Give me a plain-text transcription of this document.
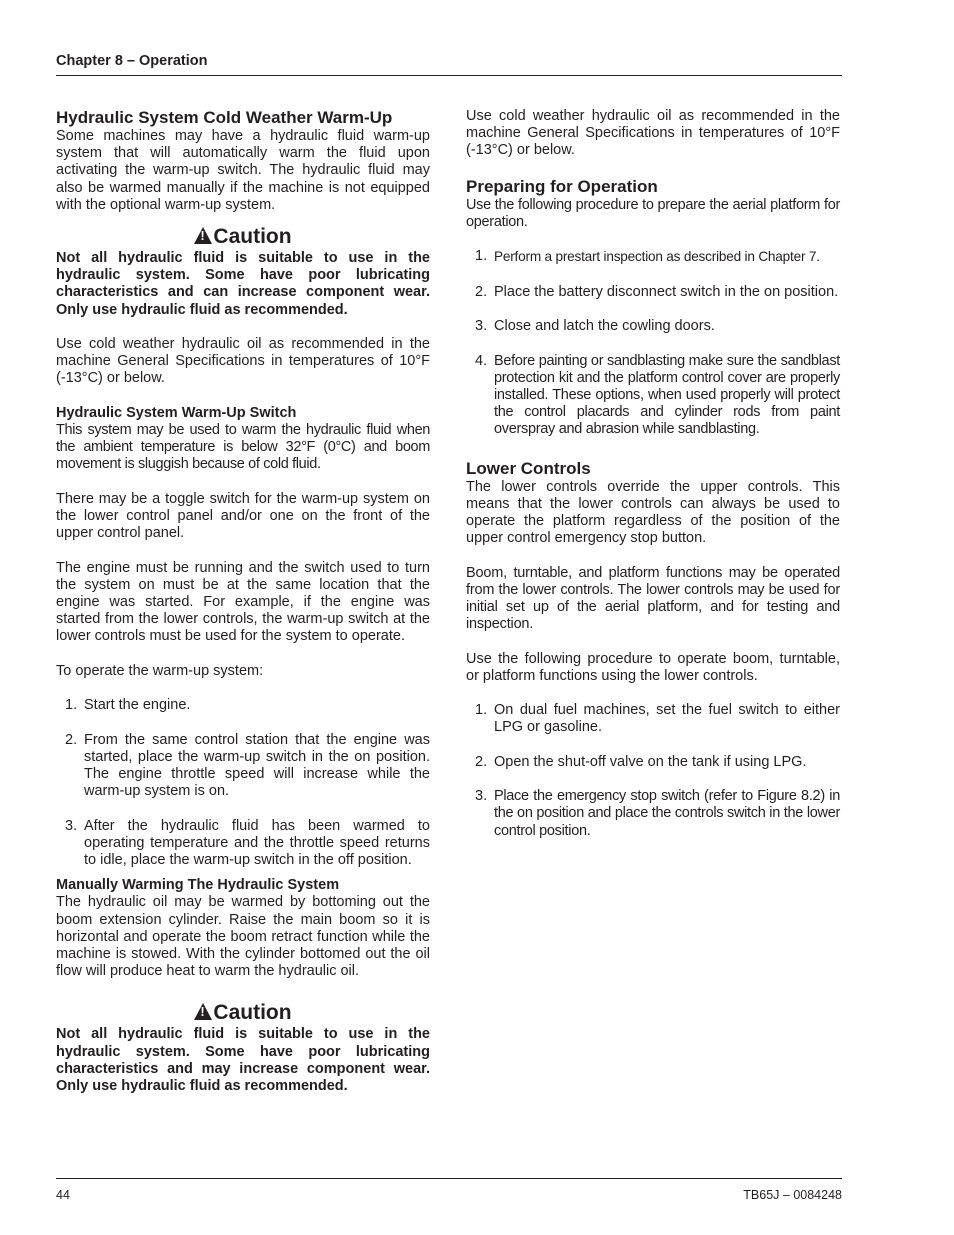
Chapter 8 – Operation
Hydraulic System Cold Weather Warm-Up

Some machines may have a hydraulic fluid warm-up system that will automatically warm the fluid upon activating the warm-up switch. The hydraulic fluid may also be warmed manually if the machine is not equipped with the optional warm-up system.

!Caution

Not all hydraulic fluid is suitable to use in the hydraulic system. Some have poor lubricating characteristics and can increase component wear. Only use hydraulic fluid as recommended.

Use cold weather hydraulic oil as recommended in the machine General Specifications in temperatures of 10°F (-13°C) or below.

Hydraulic System Warm-Up Switch

This system may be used to warm the hydraulic fluid when the ambient temperature is below 32°F (0°C) and boom movement is sluggish because of cold fluid.

There may be a toggle switch for the warm-up system on the lower control panel and/or one on the front of the upper control panel.

The engine must be running and the switch used to turn the system on must be at the same location that the engine was started. For example, if the engine was started from the lower controls, the warm-up switch at the lower controls must be used for the system to operate.

To operate the warm-up system:

1. Start the engine.
2. From the same control station that the engine was started, place the warm-up switch in the on position. The engine throttle speed will increase while the warm-up system is on.
3. After the hydraulic fluid has been warmed to operating temperature and the throttle speed returns to idle, place the warm-up switch in the off position.
Manually Warming The Hydraulic System

The hydraulic oil may be warmed by bottoming out the boom extension cylinder. Raise the main boom so it is horizontal and operate the boom retract function while the machine is stowed. With the cylinder bottomed out the oil flow will produce heat to warm the hydraulic oil.

!Caution

Not all hydraulic fluid is suitable to use in the hydraulic system. Some have poor lubricating characteristics and may increase component wear. Only use hydraulic fluid as recommended.

Use cold weather hydraulic oil as recommended in the machine General Specifications in temperatures of 10°F (-13°C) or below.

Preparing for Operation

Use the following procedure to prepare the aerial platform for operation.

1. Perform a prestart inspection as described in Chapter 7.
2. Place the battery disconnect switch in the on position.
3. Close and latch the cowling doors.
4. Before painting or sandblasting make sure the sandblast protection kit and the platform control cover are properly installed. These options, when used properly will protect the control placards and cylinder rods from paint overspray and abrasion while sandblasting.
Lower Controls

The lower controls override the upper controls. This means that the lower controls can always be used to operate the platform regardless of the position of the upper control emergency stop button.

Boom, turntable, and platform functions may be operated from the lower controls. The lower controls may be used for initial set up of the aerial platform, and for testing and inspection.

Use the following procedure to operate boom, turntable, or platform functions using the lower controls.

1. On dual fuel machines, set the fuel switch to either LPG or gasoline.
2. Open the shut-off valve on the tank if using LPG.
3. Place the emergency stop switch (refer to Figure 8.2) in the on position and place the controls switch in the lower control position.
44	TB65J – 0084248
